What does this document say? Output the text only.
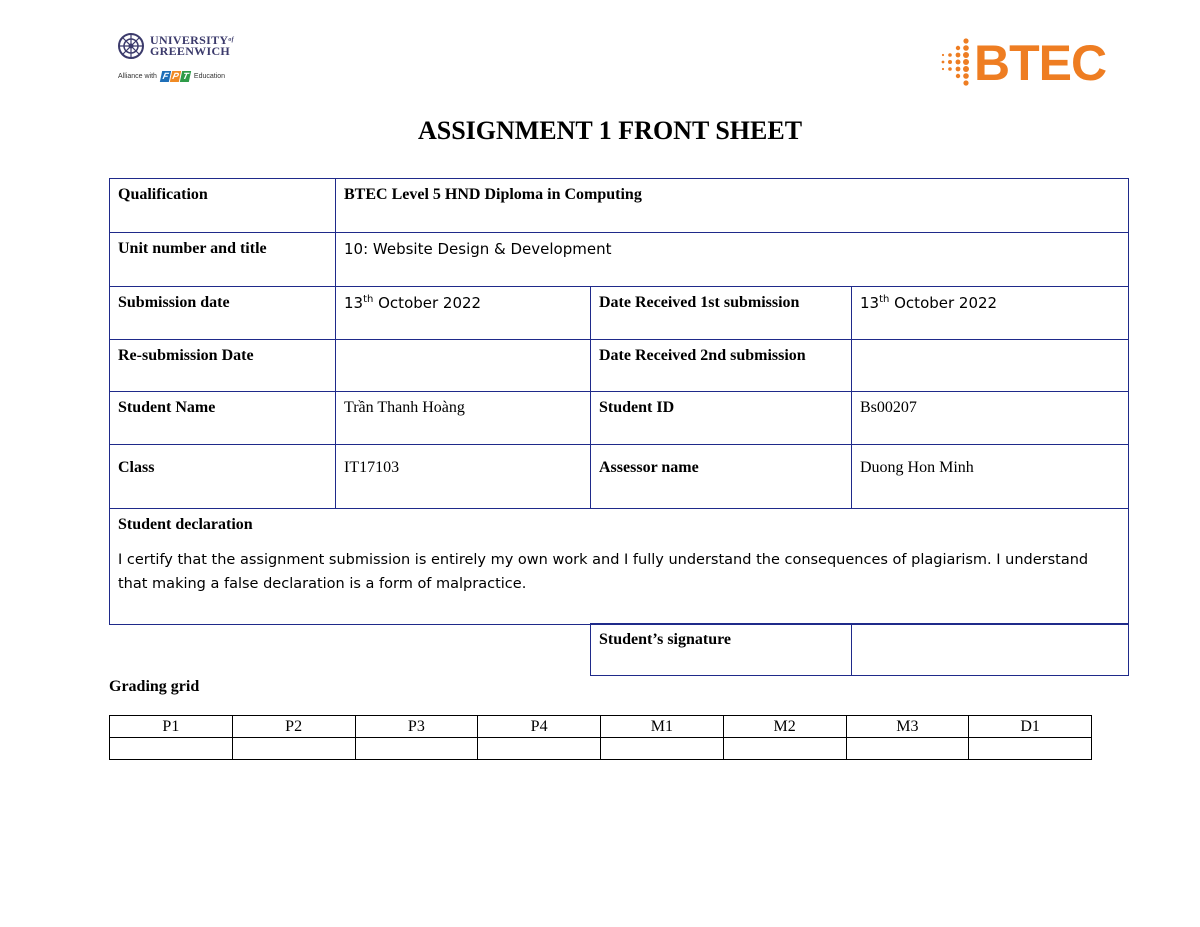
$UNIVERSITY^{of}$
GREENWICH
Alliance with F P T Education	BTEC
ASSIGNMENT 1 FRONT SHEET
Qualification	BTEC Level 5 HND Diploma in Computing		
Unit number and title	10: Website Design & Development		
Submission date	13th October 2022	Date Received 1st submission	13th October 2022
Re-submission Date		Date Received 2nd submission	
Student Name	Trần Thanh Hoàng	Student ID	Bs00207
Class	IT17103	Assessor name	Duong Hon Minh

Student declaration
I certify that the assignment submission is entirely my own work and I fully understand the consequences of plagiarism. I understand that making a false declaration is a form of malpractice.			
Student’s signature	
Grading grid
P1	P2	P3	P4	M1	M2	M3	D1
